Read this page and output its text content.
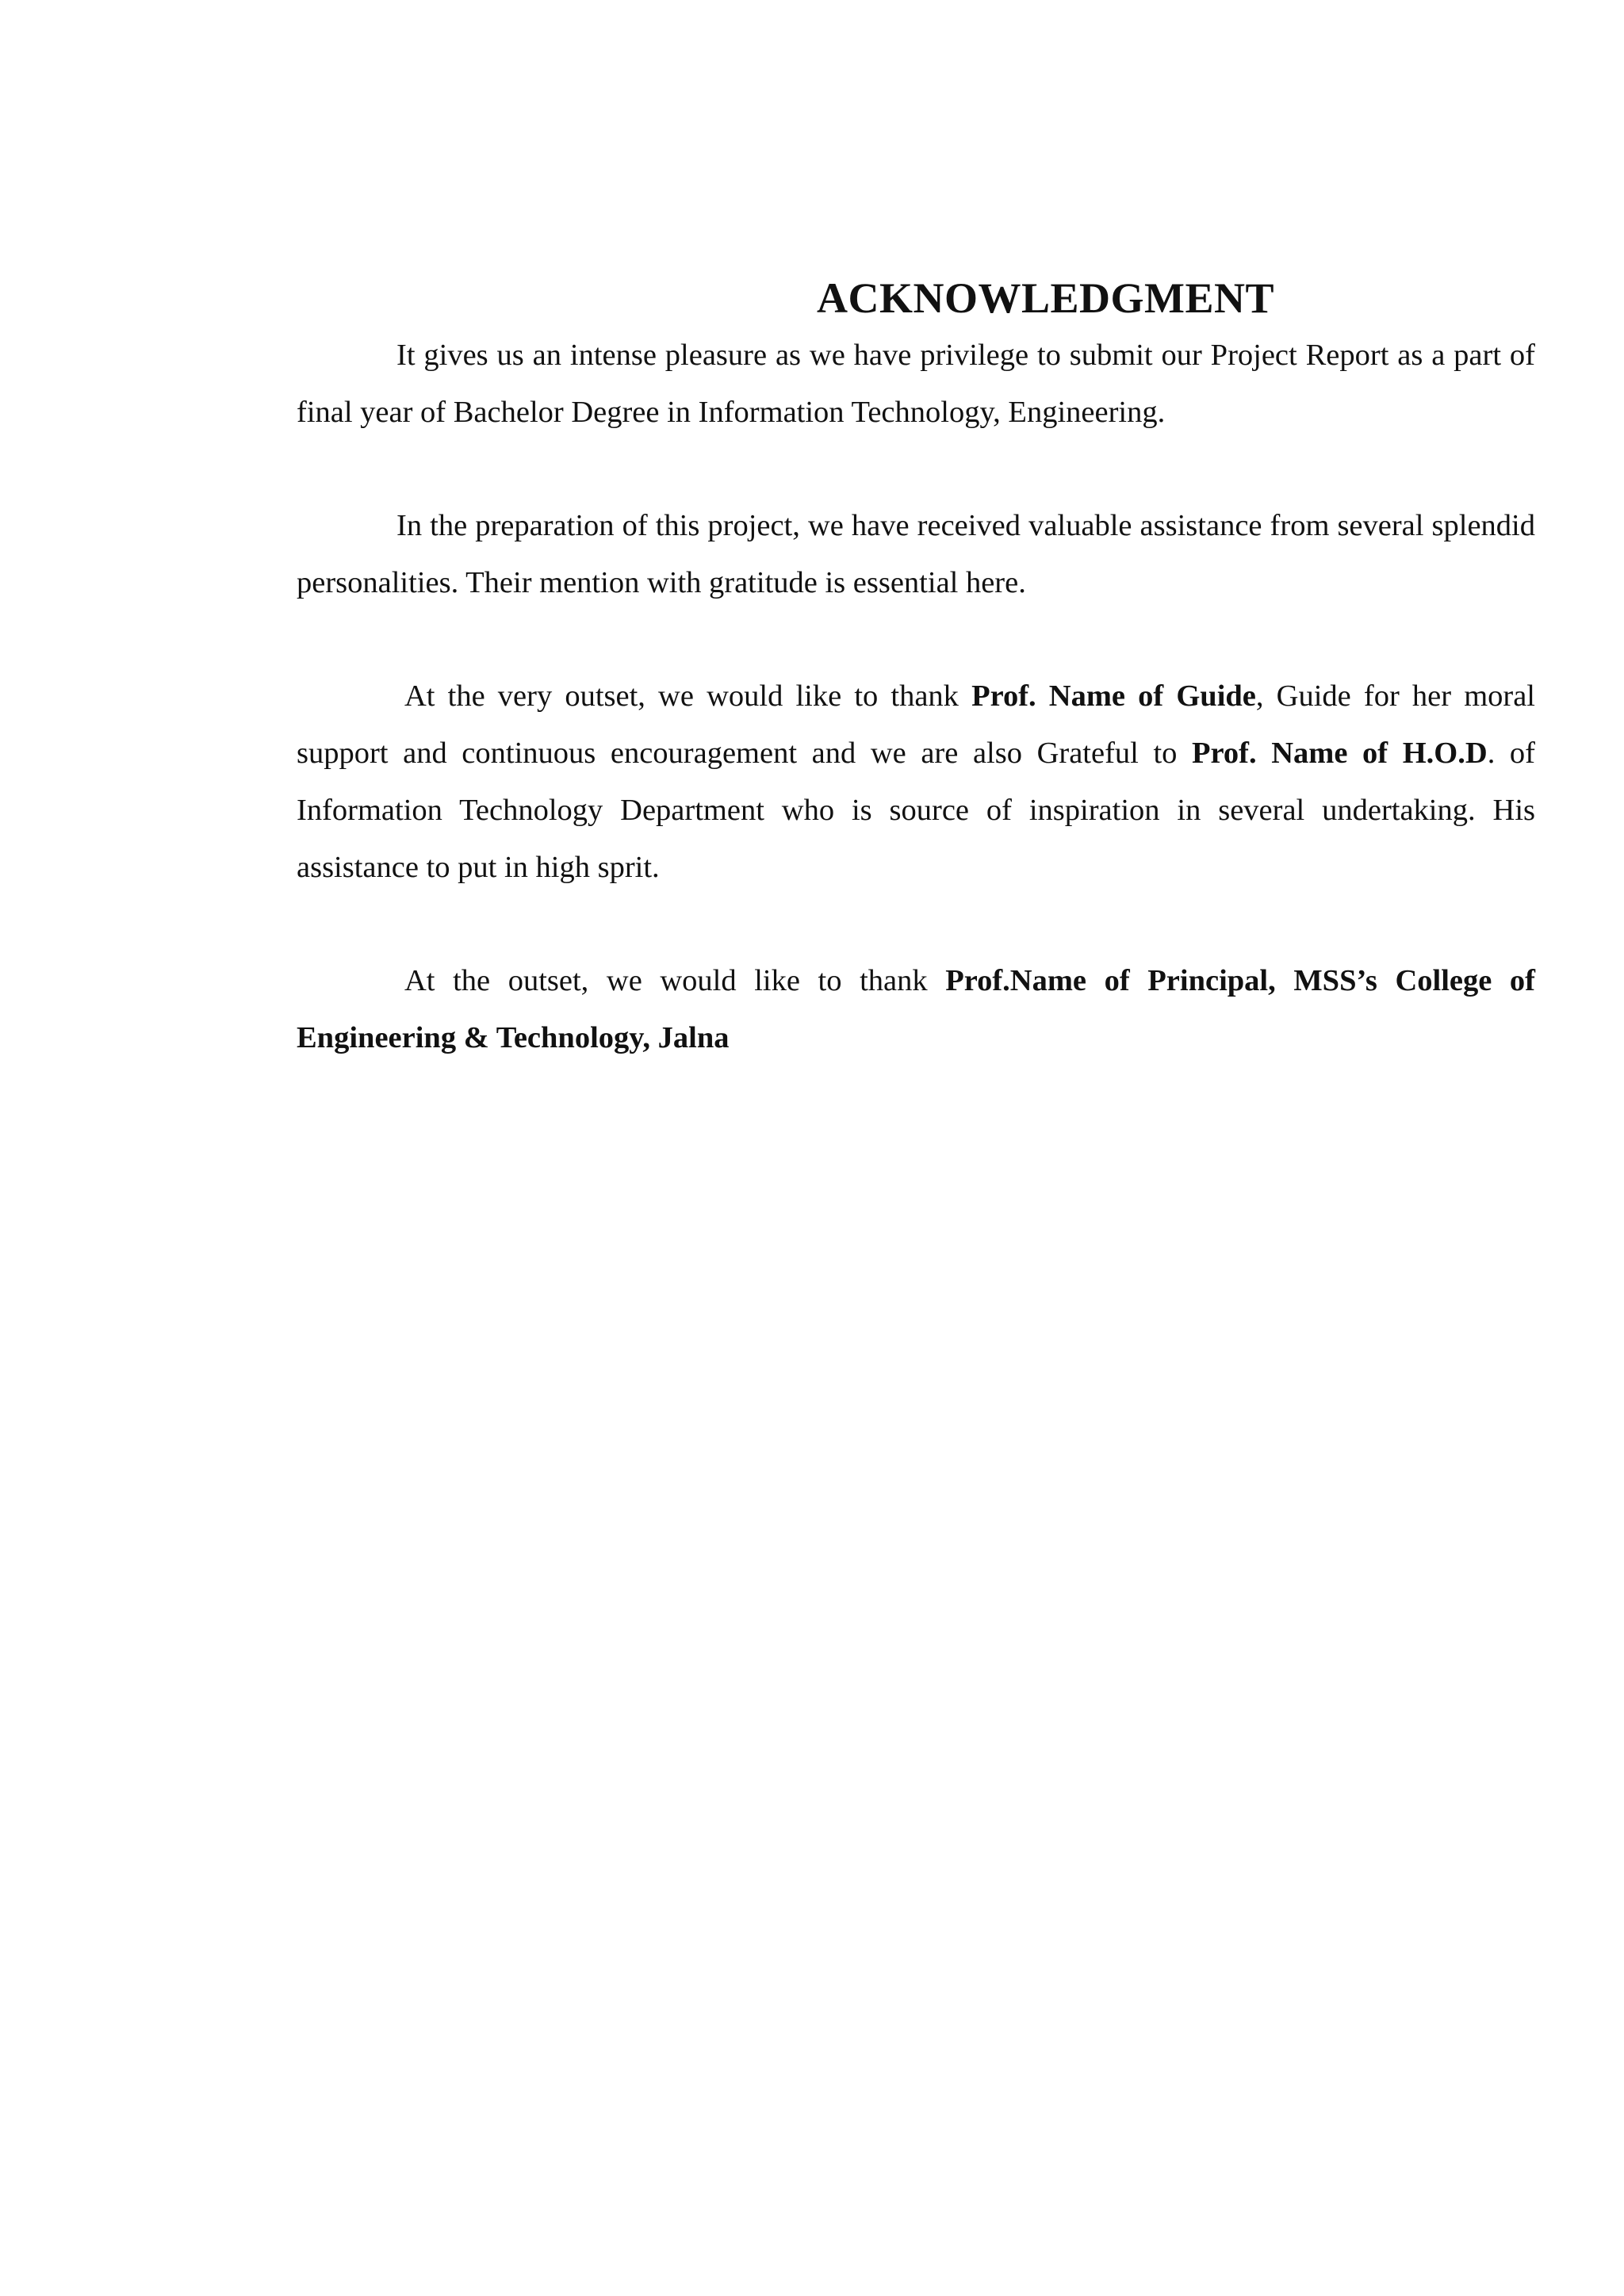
ACKNOWLEDGMENT

It gives us an intense pleasure as we have privilege to submit our Project Report as a part of final year of Bachelor Degree in Information Technology, Engineering.

In the preparation of this project, we have received valuable assistance from several splendid personalities. Their mention with gratitude is essential here.

At the very outset, we would like to thank Prof. Name of Guide, Guide for her moral support and continuous encouragement and we are also Grateful to Prof. Name of H.O.D. of Information Technology Department who is source of inspiration in several undertaking. His assistance to put in high sprit.

At the outset, we would like to thank Prof.Name of Principal, MSS’s College of Engineering & Technology, Jalna
